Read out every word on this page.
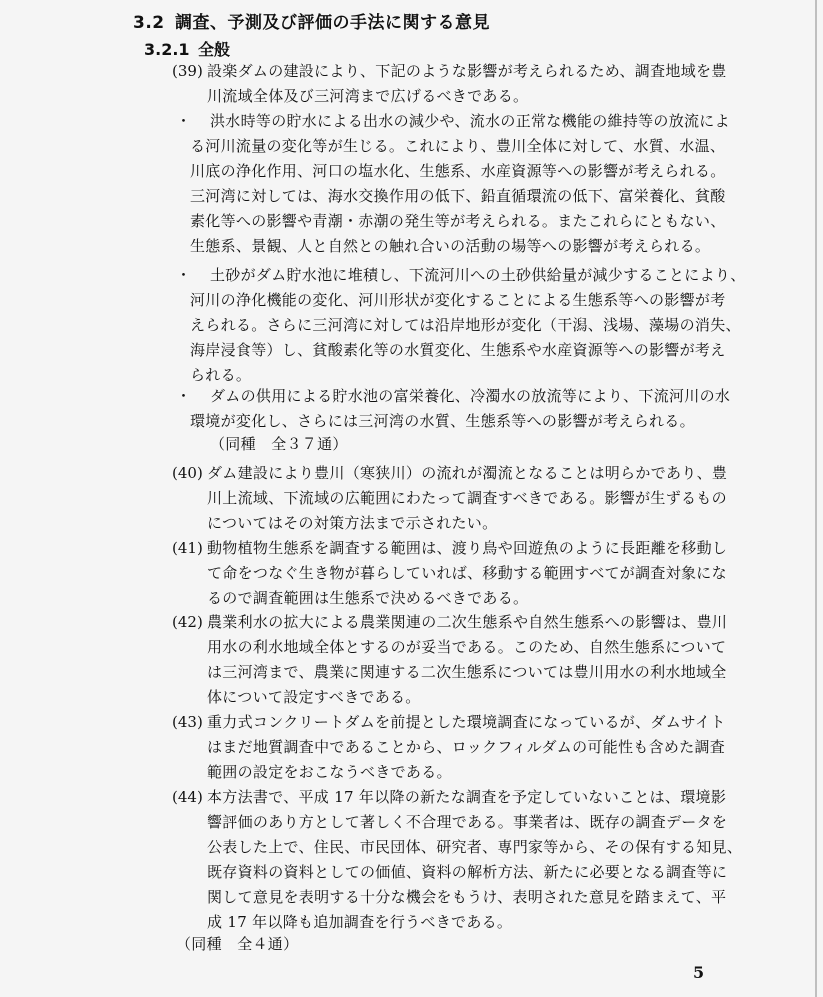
3.2 調査、予測及び評価の手法に関する意見
3.2.1 全般
(39) 設楽ダムの建設により、下記のような影響が考えられるため、調査地域を豊
川流域全体及び三河湾まで広げるべきである。
・ 洪水時等の貯水による出水の減少や、流水の正常な機能の維持等の放流によ
る河川流量の変化等が生じる。これにより、豊川全体に対して、水質、水温、
川底の浄化作用、河口の塩水化、生態系、水産資源等への影響が考えられる。
三河湾に対しては、海水交換作用の低下、鉛直循環流の低下、富栄養化、貧酸
素化等への影響や青潮・赤潮の発生等が考えられる。またこれらにともない、
生態系、景観、人と自然との触れ合いの活動の場等への影響が考えられる。
・ 土砂がダム貯水池に堆積し、下流河川への土砂供給量が減少することにより、
河川の浄化機能の変化、河川形状が変化することによる生態系等への影響が考
えられる。さらに三河湾に対しては沿岸地形が変化（干潟、浅場、藻場の消失、
海岸浸食等）し、貧酸素化等の水質変化、生態系や水産資源等への影響が考え
られる。
・ ダムの供用による貯水池の富栄養化、冷濁水の放流等により、下流河川の水
環境が変化し、さらには三河湾の水質、生態系等への影響が考えられる。
（同種　全３７通）
(40) ダム建設により豊川（寒狭川）の流れが濁流となることは明らかであり、豊
川上流域、下流域の広範囲にわたって調査すべきである。影響が生ずるもの
についてはその対策方法まで示されたい。
(41) 動物植物生態系を調査する範囲は、渡り鳥や回遊魚のように長距離を移動し
て命をつなぐ生き物が暮らしていれば、移動する範囲すべてが調査対象にな
るので調査範囲は生態系で決めるべきである。
(42) 農業利水の拡大による農業関連の二次生態系や自然生態系への影響は、豊川
用水の利水地域全体とするのが妥当である。このため、自然生態系について
は三河湾まで、農業に関連する二次生態系については豊川用水の利水地域全
体について設定すべきである。
(43) 重力式コンクリートダムを前提とした環境調査になっているが、ダムサイト
はまだ地質調査中であることから、ロックフィルダムの可能性も含めた調査
範囲の設定をおこなうべきである。
(44) 本方法書で、平成 17 年以降の新たな調査を予定していないことは、環境影
響評価のあり方として著しく不合理である。事業者は、既存の調査データを
公表した上で、住民、市民団体、研究者、専門家等から、その保有する知見、
既存資料の資料としての価値、資料の解析方法、新たに必要となる調査等に
関して意見を表明する十分な機会をもうけ、表明された意見を踏まえて、平
成 17 年以降も追加調査を行うべきである。
（同種　全４通）
5
